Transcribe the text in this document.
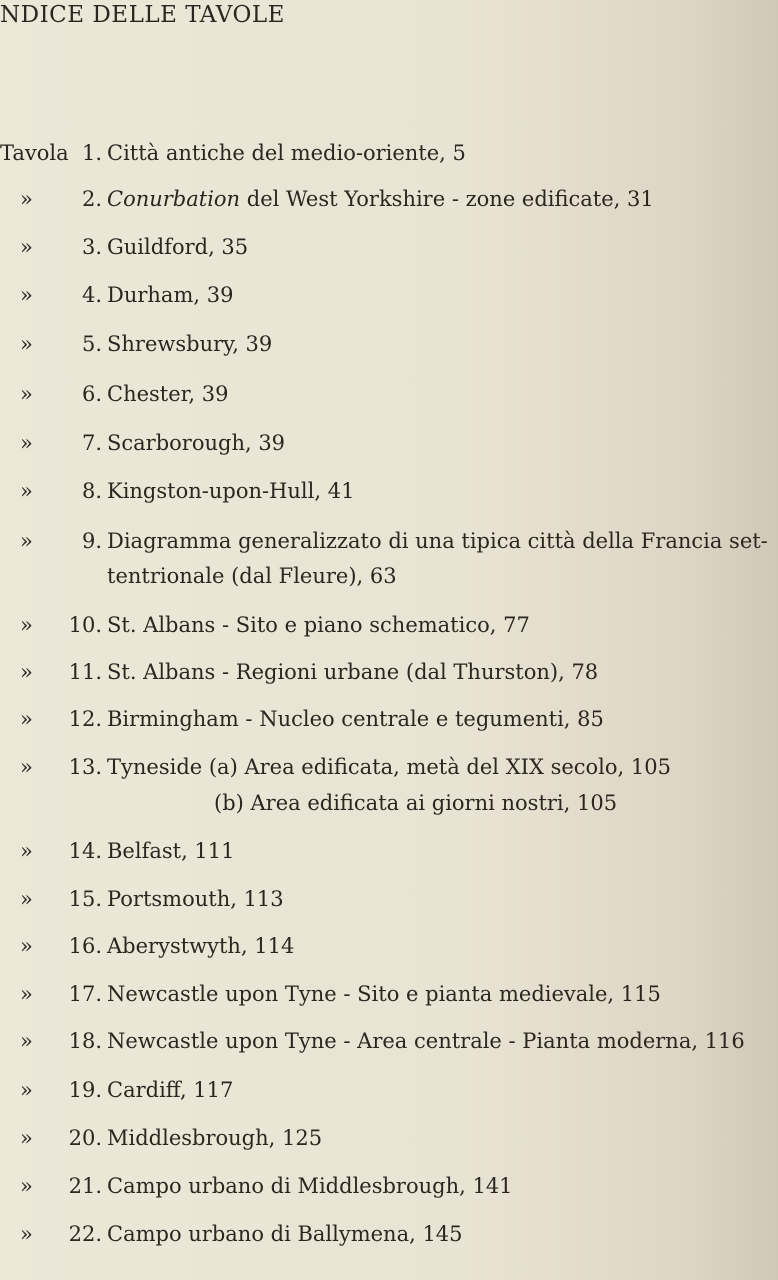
NDICE DELLE TAVOLE
Tavola 1. Città antiche del medio-oriente, 5
»	2. Conurbation del West Yorkshire - zone edificate, 31
»	3. Guildford, 35
»	4. Durham, 39
»	5. Shrewsbury, 39
»	6. Chester, 39
»	7. Scarborough, 39
»	8. Kingston-upon-Hull, 41
»	9. Diagramma generalizzato di una tipica città della Francia set-
tentrionale (dal Fleure), 63
»	10. St. Albans - Sito e piano schematico, 77
»	11. St. Albans - Regioni urbane (dal Thurston), 78
»	12. Birmingham - Nucleo centrale e tegumenti, 85
»	13. Tyneside (a) Area edificata, metà del XIX secolo, 105
(b) Area edificata ai giorni nostri, 105
»	14. Belfast, 111
»	15. Portsmouth, 113
»	16. Aberystwyth, 114
»	17. Newcastle upon Tyne - Sito e pianta medievale, 115
»	18. Newcastle upon Tyne - Area centrale - Pianta moderna, 116
»	19. Cardiff, 117
»	20. Middlesbrough, 125
»	21. Campo urbano di Middlesbrough, 141
»	22. Campo urbano di Ballymena, 145
